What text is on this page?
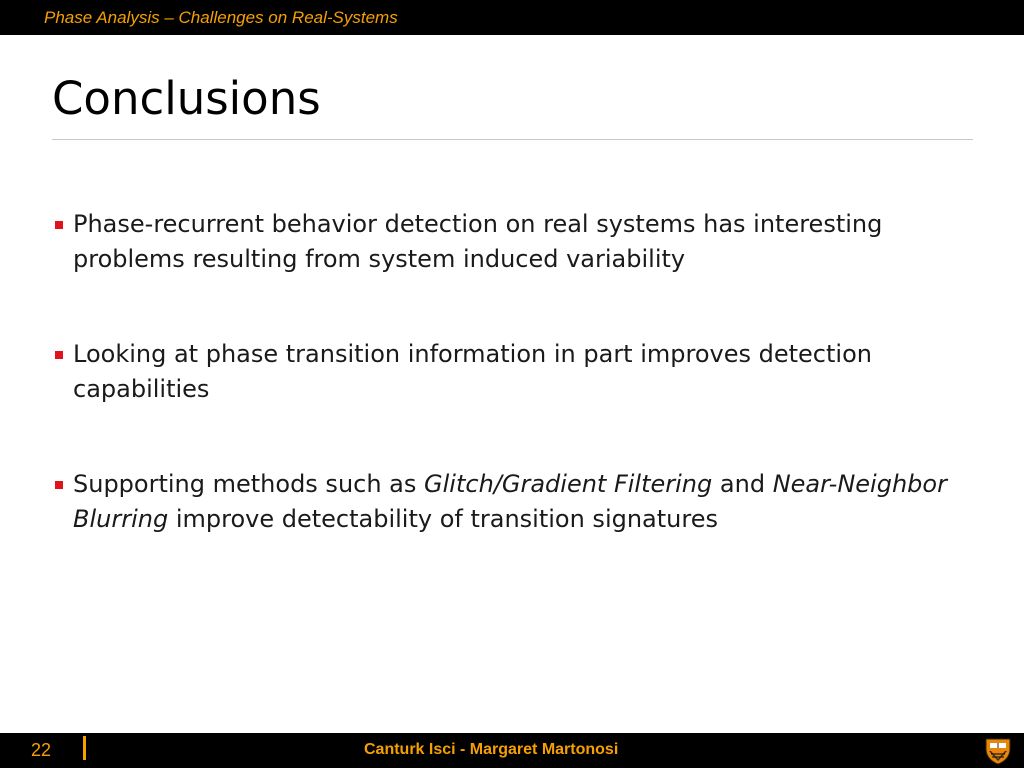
Phase Analysis – Challenges on Real-Systems
Conclusions
Phase-recurrent behavior detection on real systems has interesting problems resulting from system induced variability
Looking at phase transition information in part improves detection capabilities
Supporting methods such as Glitch/Gradient Filtering and Near-Neighbor Blurring improve detectability of transition signatures
22	Canturk Isci - Margaret Martonosi
